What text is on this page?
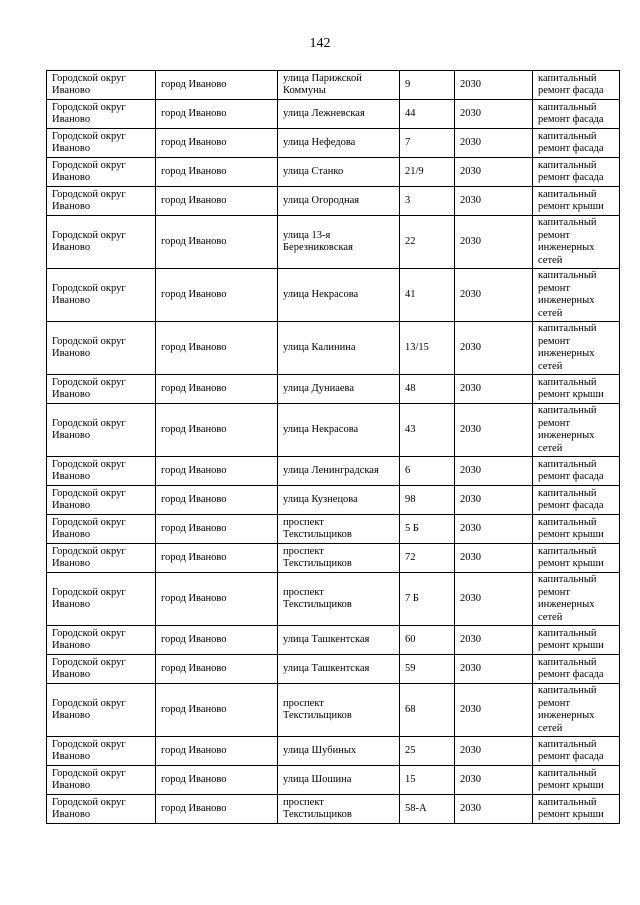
142
Городской округ Иваново	город Иваново	улица Парижской Коммуны	9	2030	капитальный ремонт фасада
Городской округ Иваново	город Иваново	улица Лежневская	44	2030	капитальный ремонт фасада
Городской округ Иваново	город Иваново	улица Нефедова	7	2030	капитальный ремонт фасада
Городской округ Иваново	город Иваново	улица Станко	21/9	2030	капитальный ремонт фасада
Городской округ Иваново	город Иваново	улица Огородная	3	2030	капитальный ремонт крыши
Городской округ Иваново	город Иваново	улица 13-я Березниковская	22	2030	капитальный ремонт инженерных сетей
Городской округ Иваново	город Иваново	улица Некрасова	41	2030	капитальный ремонт инженерных сетей
Городской округ Иваново	город Иваново	улица Калинина	13/15	2030	капитальный ремонт инженерных сетей
Городской округ Иваново	город Иваново	улица Дуниаева	48	2030	капитальный ремонт крыши
Городской округ Иваново	город Иваново	улица Некрасова	43	2030	капитальный ремонт инженерных сетей
Городской округ Иваново	город Иваново	улица Ленинградская	6	2030	капитальный ремонт фасада
Городской округ Иваново	город Иваново	улица Кузнецова	98	2030	капитальный ремонт фасада
Городской округ Иваново	город Иваново	проспект Текстильщиков	5 Б	2030	капитальный ремонт крыши
Городской округ Иваново	город Иваново	проспект Текстильщиков	72	2030	капитальный ремонт крыши
Городской округ Иваново	город Иваново	проспект Текстильщиков	7 Б	2030	капитальный ремонт инженерных сетей
Городской округ Иваново	город Иваново	улица Ташкентская	60	2030	капитальный ремонт крыши
Городской округ Иваново	город Иваново	улица Ташкентская	59	2030	капитальный ремонт фасада
Городской округ Иваново	город Иваново	проспект Текстильщиков	68	2030	капитальный ремонт инженерных сетей
Городской округ Иваново	город Иваново	улица Шубиных	25	2030	капитальный ремонт фасада
Городской округ Иваново	город Иваново	улица Шошина	15	2030	капитальный ремонт крыши
Городской округ Иваново	город Иваново	проспект Текстильщиков	58-А	2030	капитальный ремонт крыши
